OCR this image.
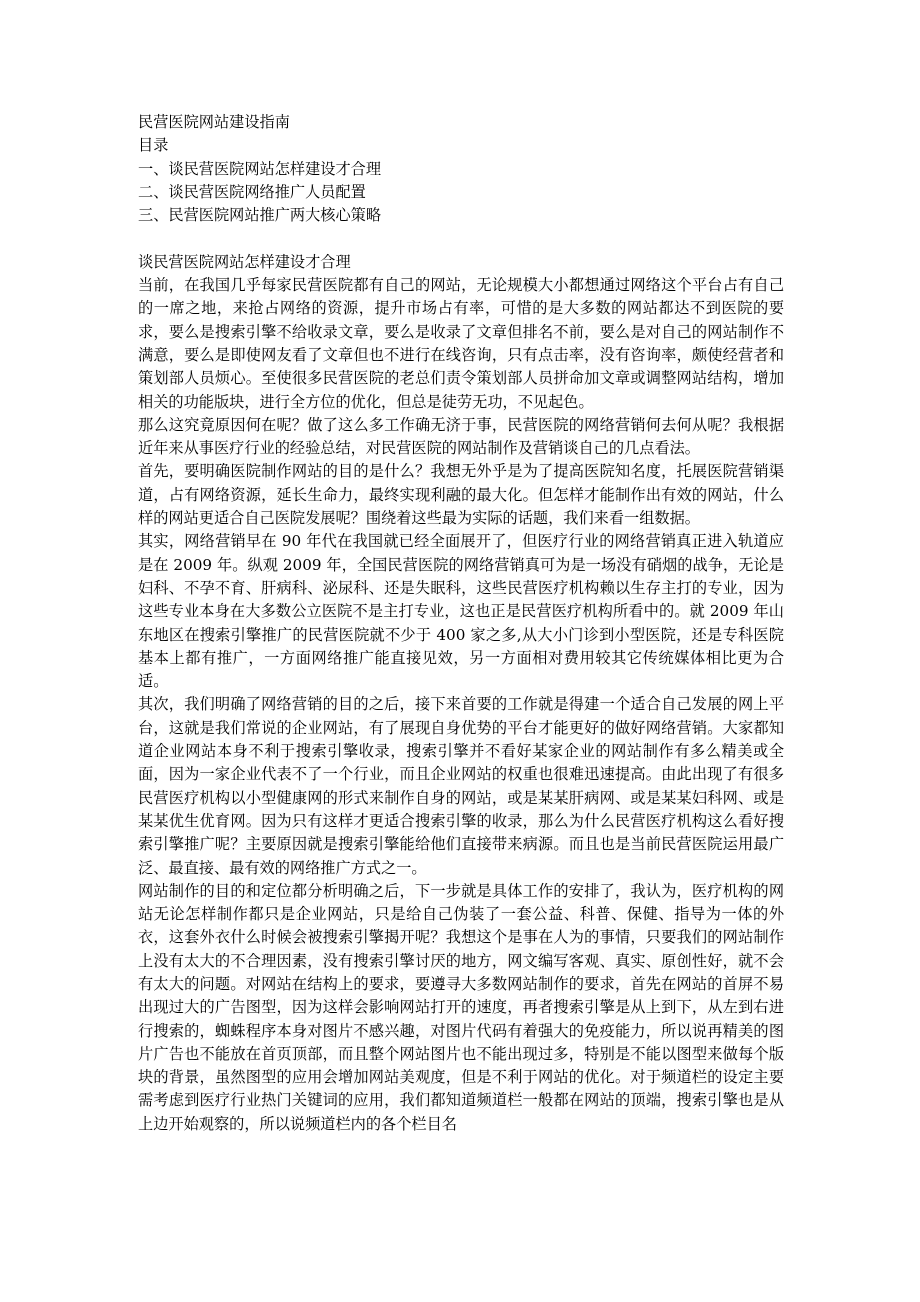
民营医院网站建设指南
目录
一、谈民营医院网站怎样建设才合理
二、谈民营医院网络推广人员配置
三、民营医院网站推广两大核心策略
谈民营医院网站怎样建设才合理

当前，在我国几乎每家民营医院都有自己的网站，无论规模大小都想通过网络这个平台占有自己的一席之地，来抢占网络的资源，提升市场占有率，可惜的是大多数的网站都达不到医院的要求，要么是搜索引擎不给收录文章，要么是收录了文章但排名不前，要么是对自己的网站制作不满意，要么是即使网友看了文章但也不进行在线咨询，只有点击率，没有咨询率，颇使经营者和策划部人员烦心。至使很多民营医院的老总们责令策划部人员拼命加文章或调整网站结构，增加相关的功能版块，进行全方位的优化，但总是徒劳无功，不见起色。

那么这究竟原因何在呢？做了这么多工作确无济于事，民营医院的网络营销何去何从呢？我根据近年来从事医疗行业的经验总结，对民营医院的网站制作及营销谈自己的几点看法。

首先，要明确医院制作网站的目的是什么？我想无外乎是为了提高医院知名度，托展医院营销渠道，占有网络资源，延长生命力，最终实现利融的最大化。但怎样才能制作出有效的网站，什么样的网站更适合自己医院发展呢？围绕着这些最为实际的话题，我们来看一组数据。

其实，网络营销早在 90 年代在我国就已经全面展开了，但医疗行业的网络营销真正进入轨道应是在 2009 年。纵观 2009 年，全国民营医院的网络营销真可为是一场没有硝烟的战争，无论是妇科、不孕不育、肝病科、泌尿科、还是失眠科，这些民营医疗机构赖以生存主打的专业，因为这些专业本身在大多数公立医院不是主打专业，这也正是民营医疗机构所看中的。就 2009 年山东地区在搜索引擎推广的民营医院就不少于 400 家之多,从大小门诊到小型医院，还是专科医院基本上都有推广，一方面网络推广能直接见效，另一方面相对费用较其它传统媒体相比更为合适。

其次，我们明确了网络营销的目的之后，接下来首要的工作就是得建一个适合自己发展的网上平台，这就是我们常说的企业网站，有了展现自身优势的平台才能更好的做好网络营销。大家都知道企业网站本身不利于搜索引擎收录，搜索引擎并不看好某家企业的网站制作有多么精美或全面，因为一家企业代表不了一个行业，而且企业网站的权重也很难迅速提高。由此出现了有很多民营医疗机构以小型健康网的形式来制作自身的网站，或是某某肝病网、或是某某妇科网、或是某某优生优育网。因为只有这样才更适合搜索引擎的收录，那么为什么民营医疗机构这么看好搜索引擎推广呢？主要原因就是搜索引擎能给他们直接带来病源。而且也是当前民营医院运用最广泛、最直接、最有效的网络推广方式之一。

网站制作的目的和定位都分析明确之后，下一步就是具体工作的安排了，我认为，医疗机构的网站无论怎样制作都只是企业网站，只是给自己伪装了一套公益、科普、保健、指导为一体的外衣，这套外衣什么时候会被搜索引擎揭开呢？我想这个是事在人为的事情，只要我们的网站制作上没有太大的不合理因素，没有搜索引擎讨厌的地方，网文编写客观、真实、原创性好，就不会有太大的问题。对网站在结构上的要求，要遵寻大多数网站制作的要求，首先在网站的首屏不易出现过大的广告图型，因为这样会影响网站打开的速度，再者搜索引擎是从上到下，从左到右进行搜索的，蜘蛛程序本身对图片不感兴趣，对图片代码有着强大的免疫能力，所以说再精美的图片广告也不能放在首页顶部，而且整个网站图片也不能出现过多，特别是不能以图型来做每个版块的背景，虽然图型的应用会增加网站美观度，但是不利于网站的优化。对于频道栏的设定主要需考虑到医疗行业热门关键词的应用，我们都知道频道栏一般都在网站的顶端，搜索引擎也是从上边开始观察的，所以说频道栏内的各个栏目名
